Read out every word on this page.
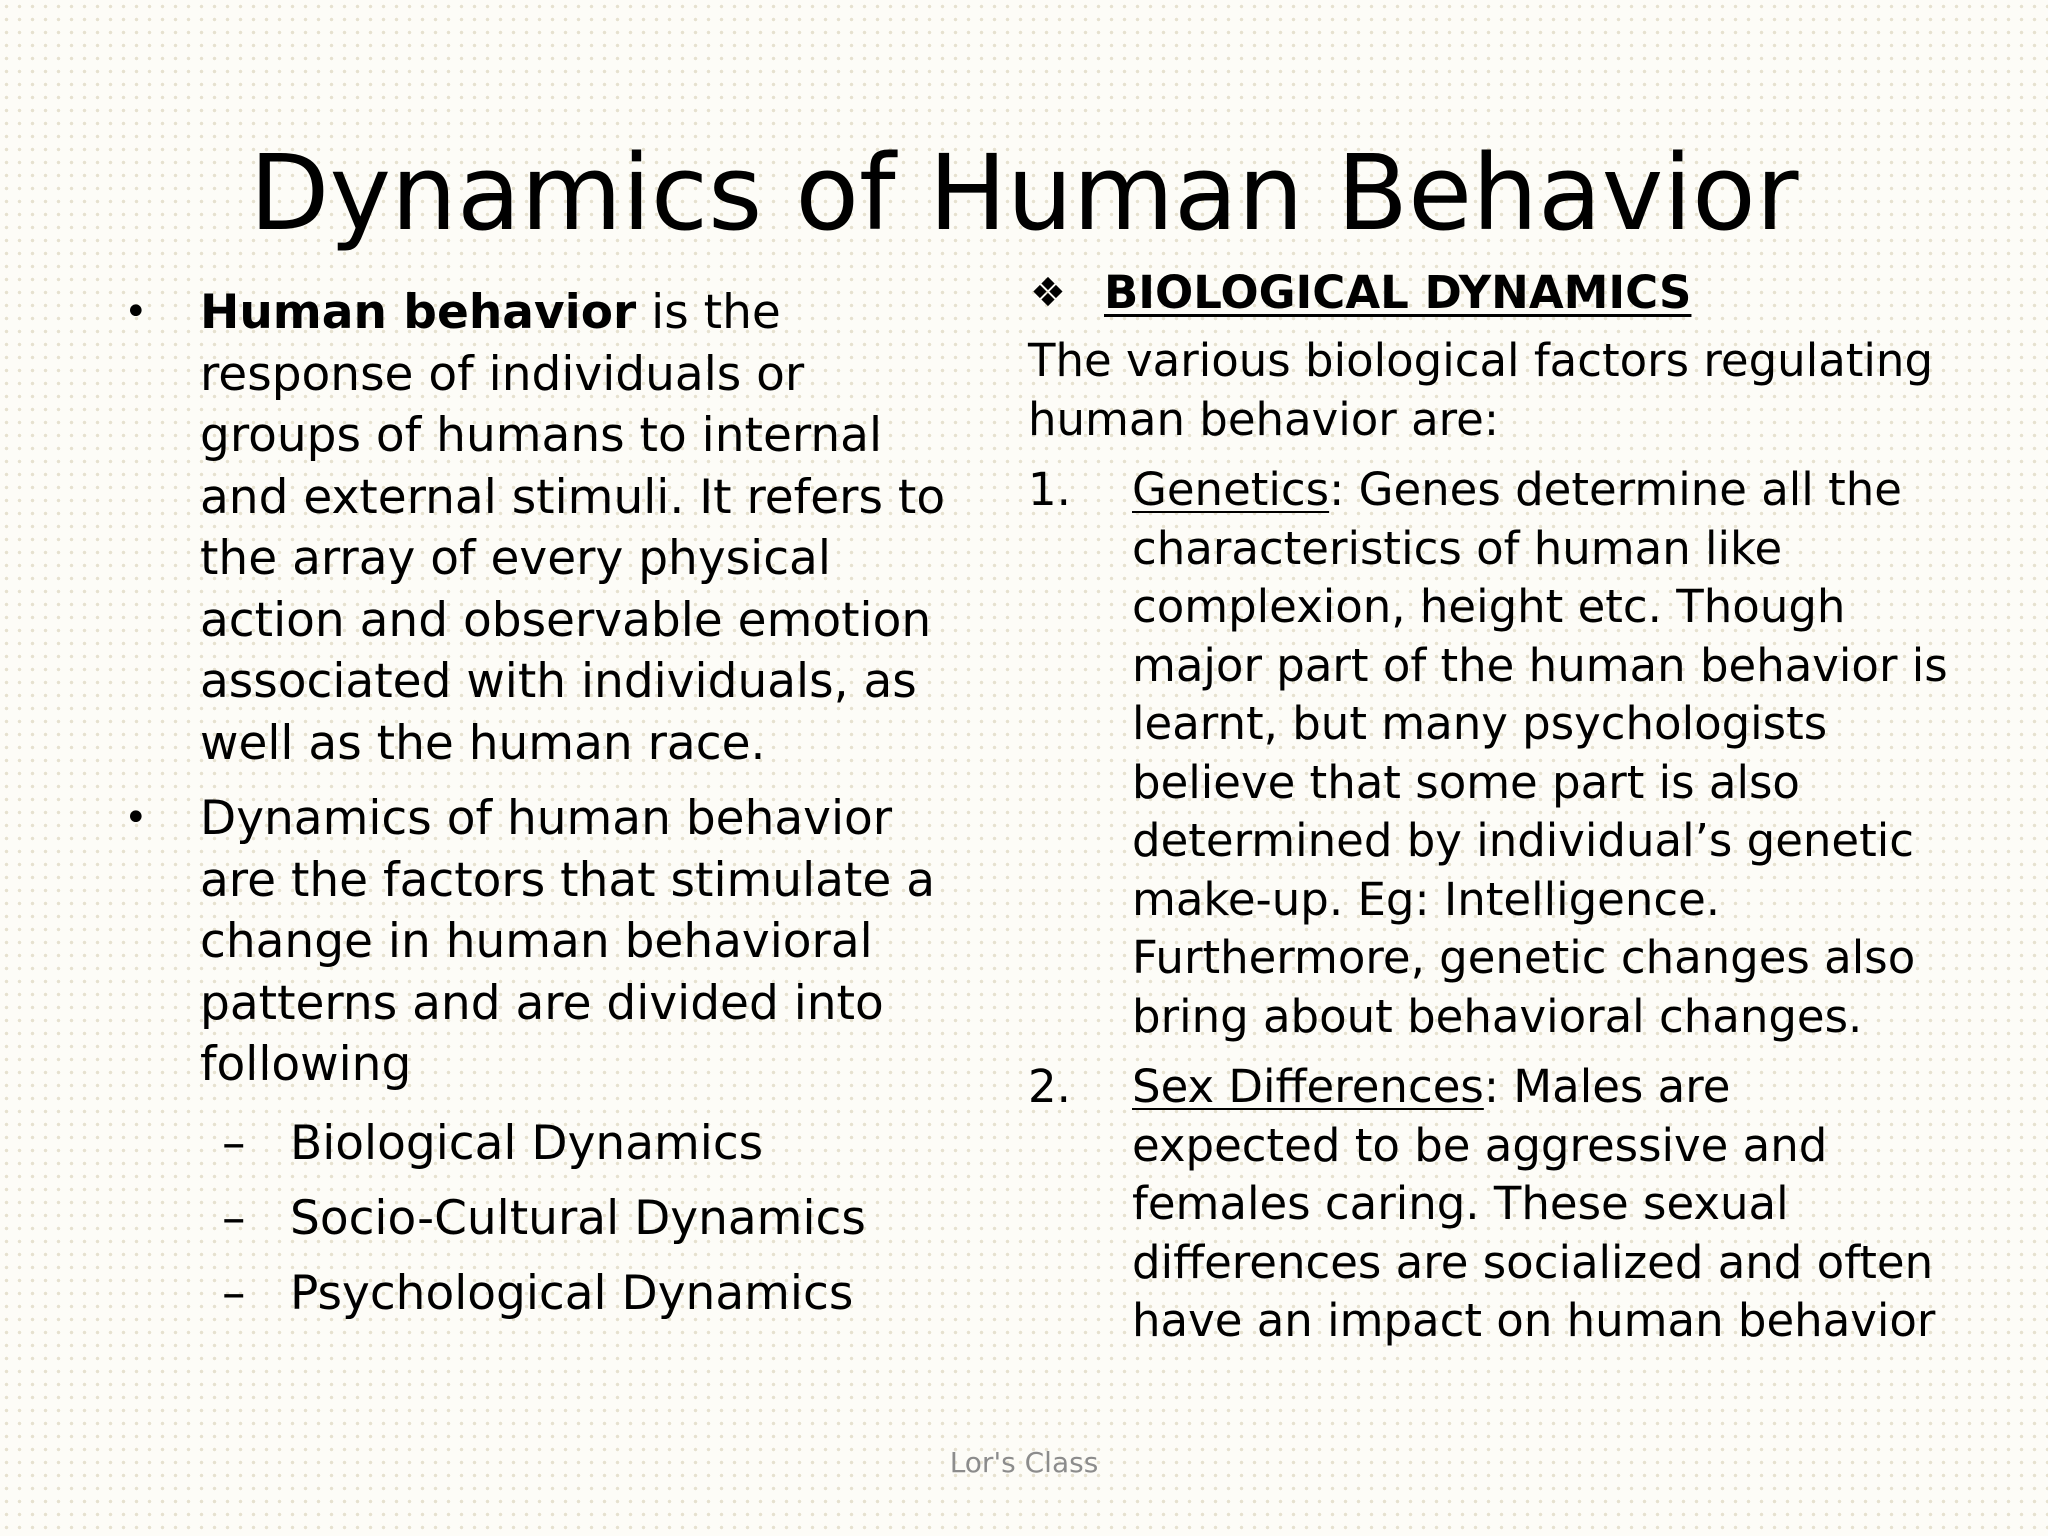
Dynamics of Human Behavior
• Human behavior is the response of individuals or groups of humans to internal and external stimuli. It refers to the array of every physical action and observable emotion associated with individuals, as well as the human race.
• Dynamics of human behavior are the factors that stimulate a change in human behavioral patterns and are divided into following
– Biological Dynamics
– Socio-Cultural Dynamics
– Psychological Dynamics
❖ BIOLOGICAL DYNAMICS
The various biological factors regulating human behavior are:
1. Genetics: Genes determine all the characteristics of human like complexion, height etc. Though major part of the human behavior is learnt, but many psychologists believe that some part is also determined by individual’s genetic make-up. Eg: Intelligence. Furthermore, genetic changes also bring about behavioral changes.
2. Sex Differences: Males are expected to be aggressive and females caring. These sexual differences are socialized and often have an impact on human behavior
Lor's Class
